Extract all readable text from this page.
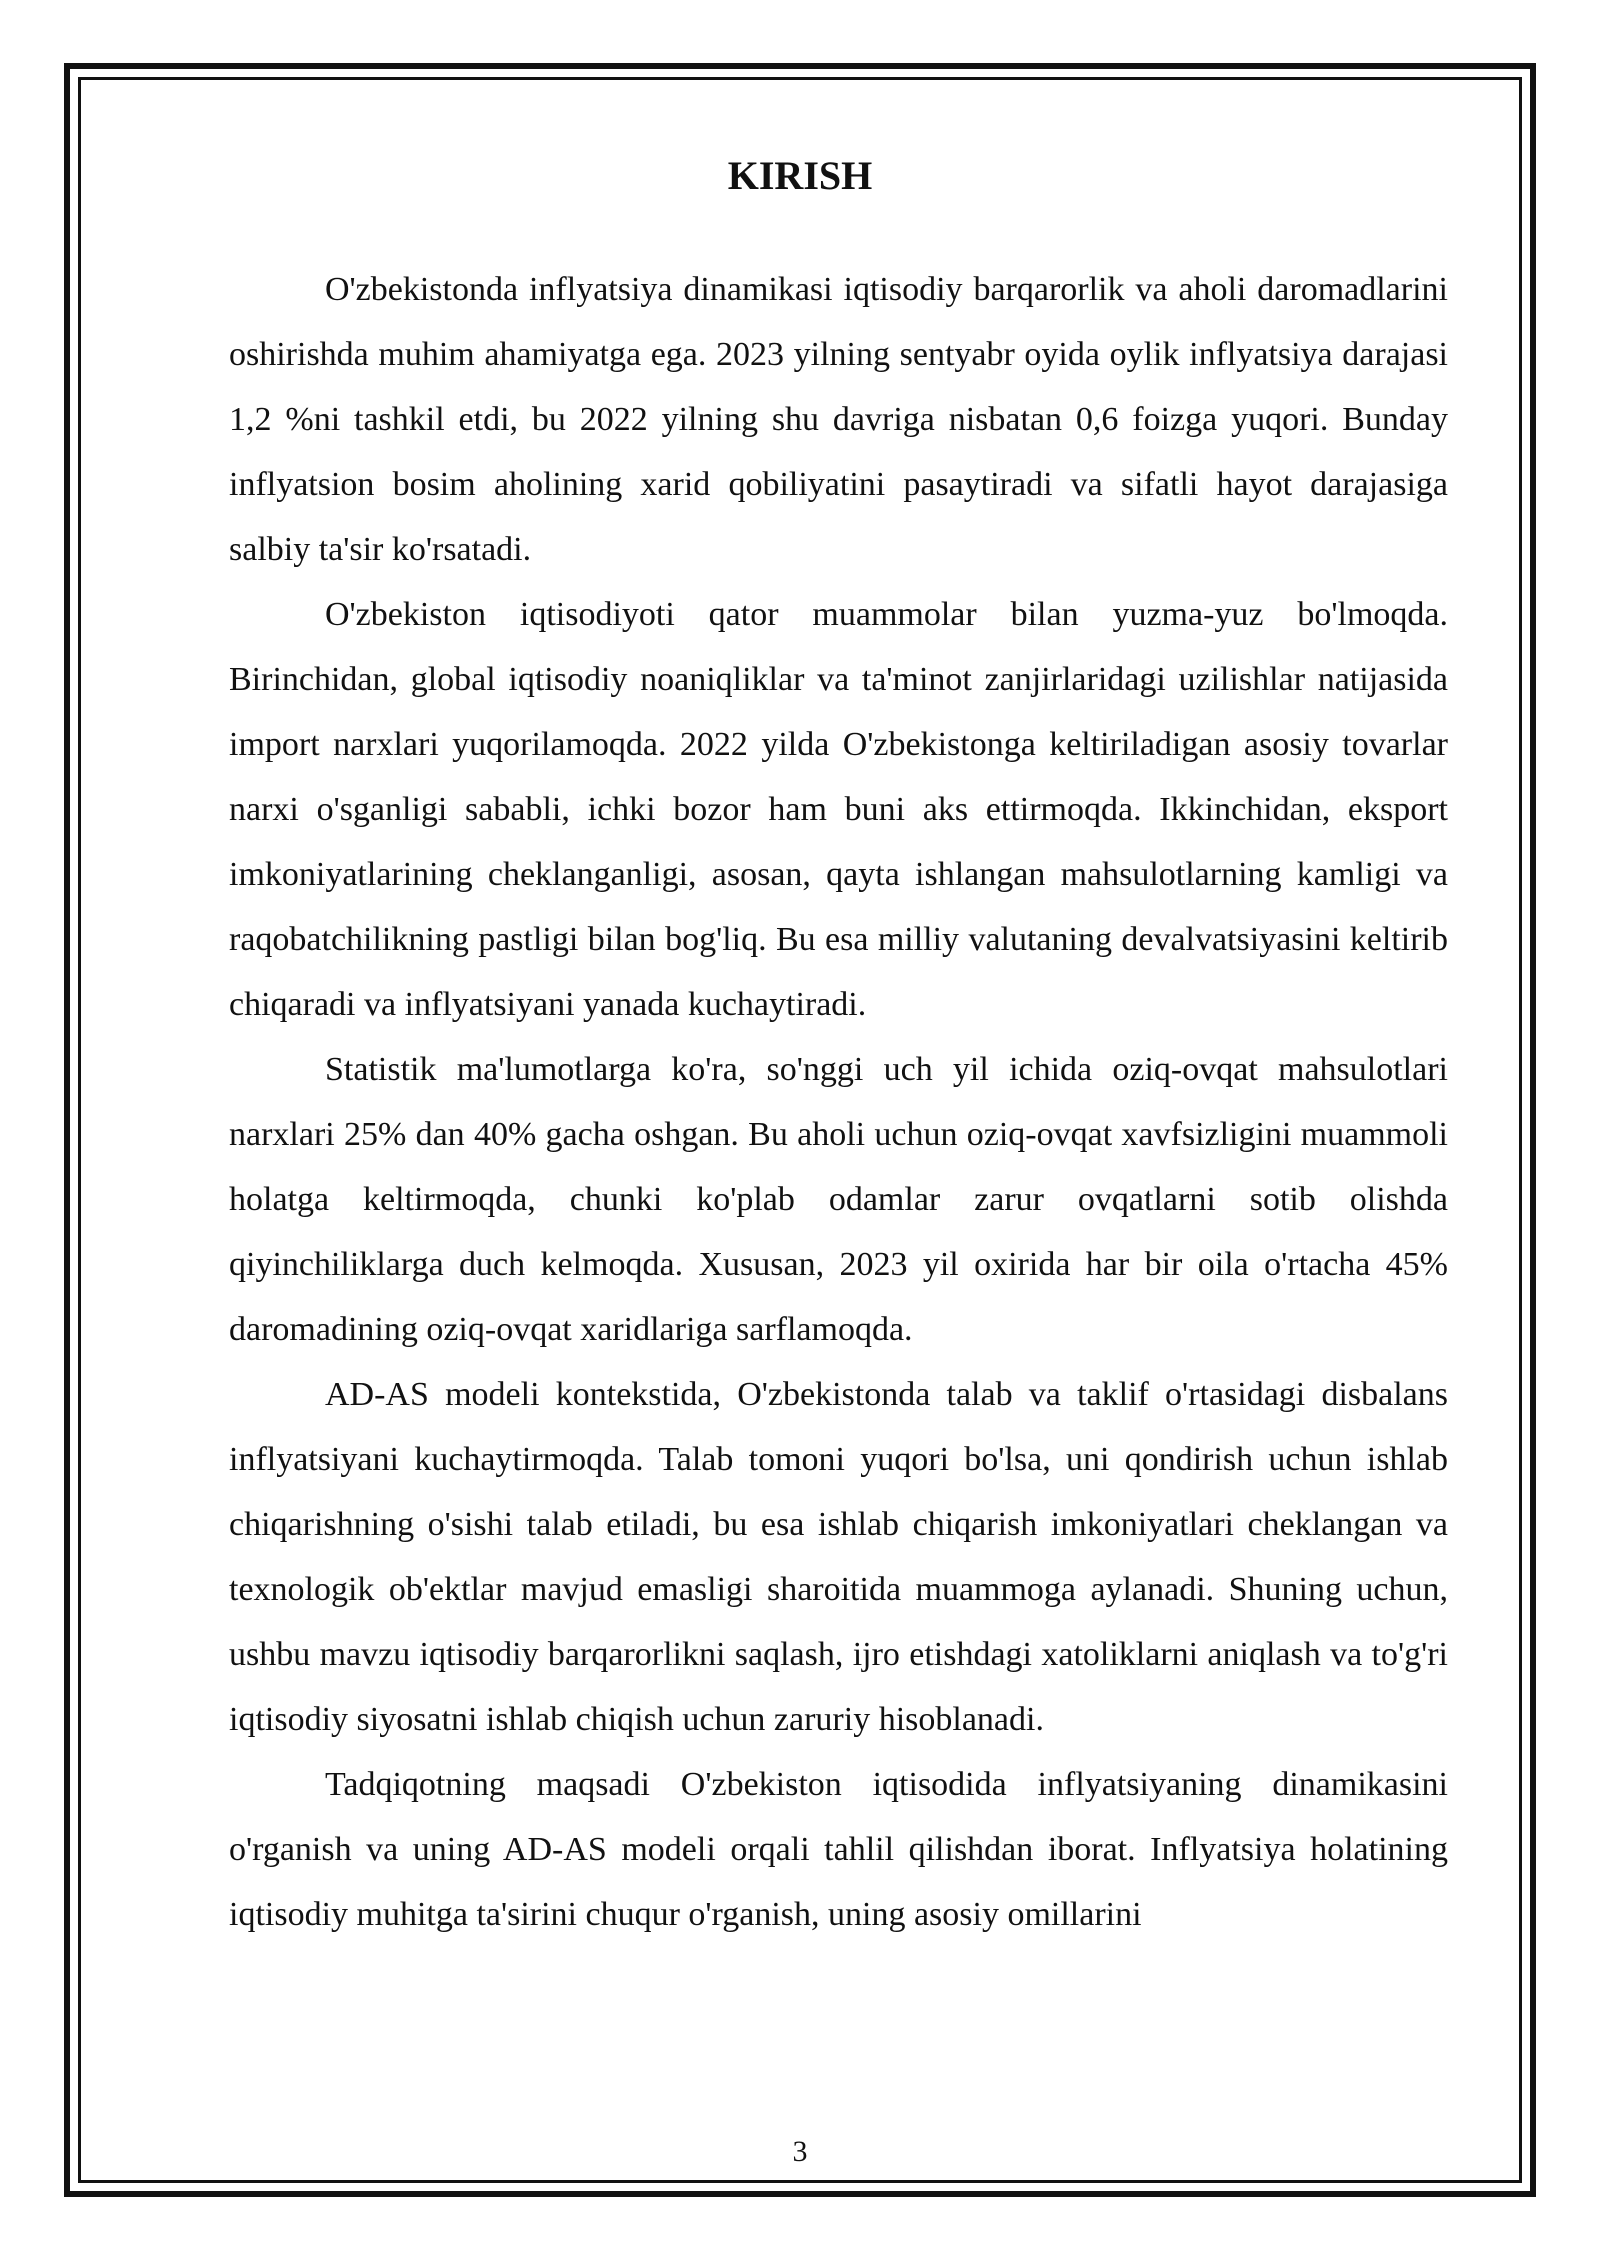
KIRISH

O'zbekistonda inflyatsiya dinamikasi iqtisodiy barqarorlik va aholi daromadlarini oshirishda muhim ahamiyatga ega. 2023 yilning sentyabr oyida oylik inflyatsiya darajasi 1,2 %ni tashkil etdi, bu 2022 yilning shu davriga nisbatan 0,6 foizga yuqori. Bunday inflyatsion bosim aholining xarid qobiliyatini pasaytiradi va sifatli hayot darajasiga salbiy ta'sir ko'rsatadi.

O'zbekiston iqtisodiyoti qator muammolar bilan yuzma-yuz bo'lmoqda. Birinchidan, global iqtisodiy noaniqliklar va ta'minot zanjirlaridagi uzilishlar natijasida import narxlari yuqorilamoqda. 2022 yilda O'zbekistonga keltiriladigan asosiy tovarlar narxi o'sganligi sababli, ichki bozor ham buni aks ettirmoqda. Ikkinchidan, eksport imkoniyatlarining cheklanganligi, asosan, qayta ishlangan mahsulotlarning kamligi va raqobatchilikning pastligi bilan bog'liq. Bu esa milliy valutaning devalvatsiyasini keltirib chiqaradi va inflyatsiyani yanada kuchaytiradi.

Statistik ma'lumotlarga ko'ra, so'nggi uch yil ichida oziq-ovqat mahsulotlari narxlari 25% dan 40% gacha oshgan. Bu aholi uchun oziq-ovqat xavfsizligini muammoli holatga keltirmoqda, chunki ko'plab odamlar zarur ovqatlarni sotib olishda qiyinchiliklarga duch kelmoqda. Xususan, 2023 yil oxirida har bir oila o'rtacha 45% daromadining oziq-ovqat xaridlariga sarflamoqda.

AD-AS modeli kontekstida, O'zbekistonda talab va taklif o'rtasidagi disbalans inflyatsiyani kuchaytirmoqda. Talab tomoni yuqori bo'lsa, uni qondirish uchun ishlab chiqarishning o'sishi talab etiladi, bu esa ishlab chiqarish imkoniyatlari cheklangan va texnologik ob'ektlar mavjud emasligi sharoitida muammoga aylanadi. Shuning uchun, ushbu mavzu iqtisodiy barqarorlikni saqlash, ijro etishdagi xatoliklarni aniqlash va to'g'ri iqtisodiy siyosatni ishlab chiqish uchun zaruriy hisoblanadi.

Tadqiqotning maqsadi O'zbekiston iqtisodida inflyatsiyaning dinamikasini o'rganish va uning AD-AS modeli orqali tahlil qilishdan iborat. Inflyatsiya holatining iqtisodiy muhitga ta'sirini chuqur o'rganish, uning asosiy omillarini

3
